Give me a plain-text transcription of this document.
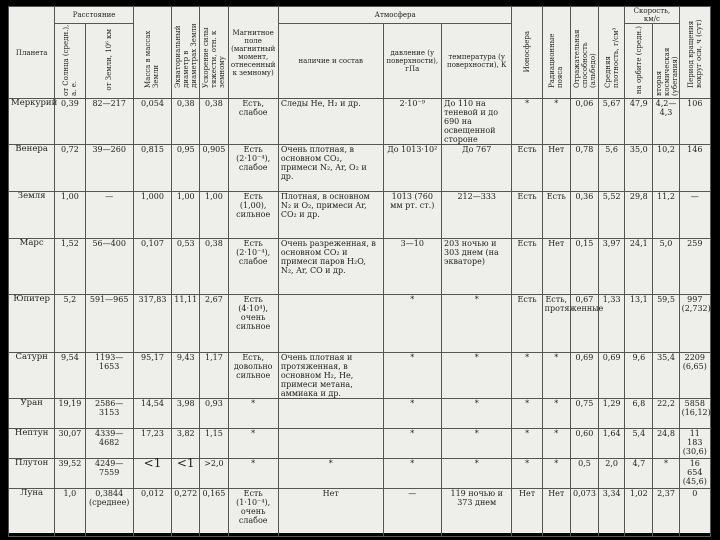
Планета	Расстояние		Масса в массах Земли	Экваториальный диаметр в диаметрах Земли	Ускорение силы тяжести, отн. к земному	Магнитное поле (магнитный момент, отнесенный к земному)	Атмосфера			Ионосфера	Радиационные пояса	Отражательная способность (альбедо)	Средняя плотность, г/см³	Скорость, км/с		Период вращения вокруг оси, ч (сут)
	от Солнца (средн.), а. е.	от Земли, 10⁶ км					наличие и состав	давление (у поверхности), гПа	температура (у поверхности), К					на орбите (средн.)	вторая космическая (убегания)	
Меркурий	0,39	82—217	0,054	0,38	0,38	Есть, слабое	Следы He, H₂ и др.	2·10⁻⁹	До 110 на теневой и до 690 на освещенной стороне	*	*	0,06	5,67	47,9	4,2—4,3	106
Венера	0,72	39—260	0,815	0,95	0,905	Есть (2·10⁻⁴), слабое	Очень плотная, в основном CO₂, примеси N₂, Ar, O₂ и др.	До 1013·10²	До 767	Есть	Нет	0,78	5,6	35,0	10,2	146
Земля	1,00	—	1,000	1,00	1,00	Есть (1,00), сильное	Плотная, в основном N₂ и O₂, примеси Ar, CO₂ и др.	1013 (760 мм рт. ст.)	212—333	Есть	Есть	0,36	5,52	29,8	11,2	—
Марс	1,52	56—400	0,107	0,53	0,38	Есть (2·10⁻⁴), слабое	Очень разреженная, в основном CO₂ и примеси паров H₂O, N₂, Ar, CO и др.	3—10	203 ночью и 303 днем (на экваторе)	Есть	Нет	0,15	3,97	24,1	5,0	259
Юпитер	5,2	591—965	317,83	11,11	2,67	Есть (4·10⁴), очень сильное		*	*	Есть	Есть, протяженные	0,67	1,33	13,1	59,5	997 (2,732)
Сатурн	9,54	1193—1653	95,17	9,43	1,17	Есть, довольно сильное	Очень плотная и протяженная, в основном H₂, He, примеси метана, аммиака и др.	*	*	*	*	0,69	0,69	9,6	35,4	2209 (6,65)
Уран	19,19	2586—3153	14,54	3,98	0,93	*		*	*	*	*	0,75	1,29	6,8	22,2	5858 (16,12)
Нептун	30,07	4339—4682	17,23	3,82	1,15	*		*	*	*	*	0,60	1,64	5,4	24,8	11 183 (30,6)
Плутон	39,52	4249—7559	<1	<1	>2,0	*	*	*	*	*	*	0,5	2,0	4,7	*	16 654 (45,6)
Луна	1,0	0,3844 (среднее)	0,012	0,272	0,165	Есть (1·10⁻⁴), очень слабое	Нет	—	119 ночью и 373 днем	Нет	Нет	0,073	3,34	1,02	2,37	0
